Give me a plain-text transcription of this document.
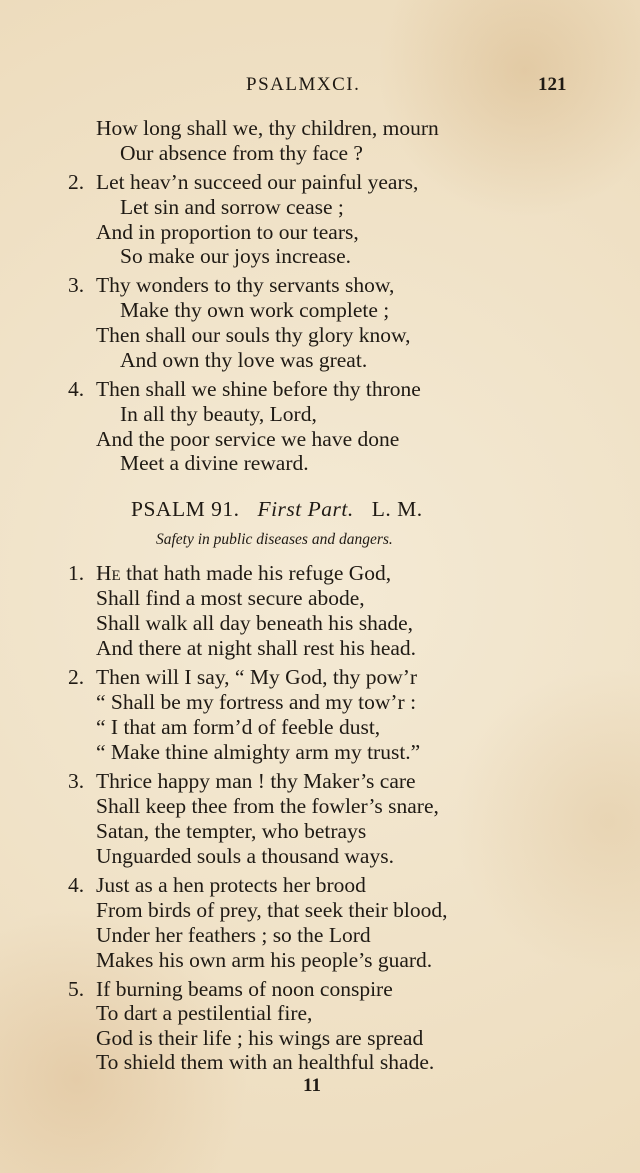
PSALMXCI.	121
How long shall we, thy children, mourn
Our absence from thy face ?
2. Let heav’n succeed our painful years,
Let sin and sorrow cease ;
And in proportion to our tears,
So make our joys increase.
3. Thy wonders to thy servants show,
Make thy own work complete ;
Then shall our souls thy glory know,
And own thy love was great.
4. Then shall we shine before thy throne
In all thy beauty, Lord,
And the poor service we have done
Meet a divine reward.
PSALM 91. First Part. L. M.
Safety in public diseases and dangers.
1. He that hath made his refuge God,
Shall find a most secure abode,
Shall walk all day beneath his shade,
And there at night shall rest his head.
2. Then will I say, “ My God, thy pow’r
“ Shall be my fortress and my tow’r :
“ I that am form’d of feeble dust,
“ Make thine almighty arm my trust.”
3. Thrice happy man ! thy Maker’s care
Shall keep thee from the fowler’s snare,
Satan, the tempter, who betrays
Unguarded souls a thousand ways.
4. Just as a hen protects her brood
From birds of prey, that seek their blood,
Under her feathers ; so the Lord
Makes his own arm his people’s guard.
5. If burning beams of noon conspire
To dart a pestilential fire,
God is their life ; his wings are spread
To shield them with an healthful shade.
11
